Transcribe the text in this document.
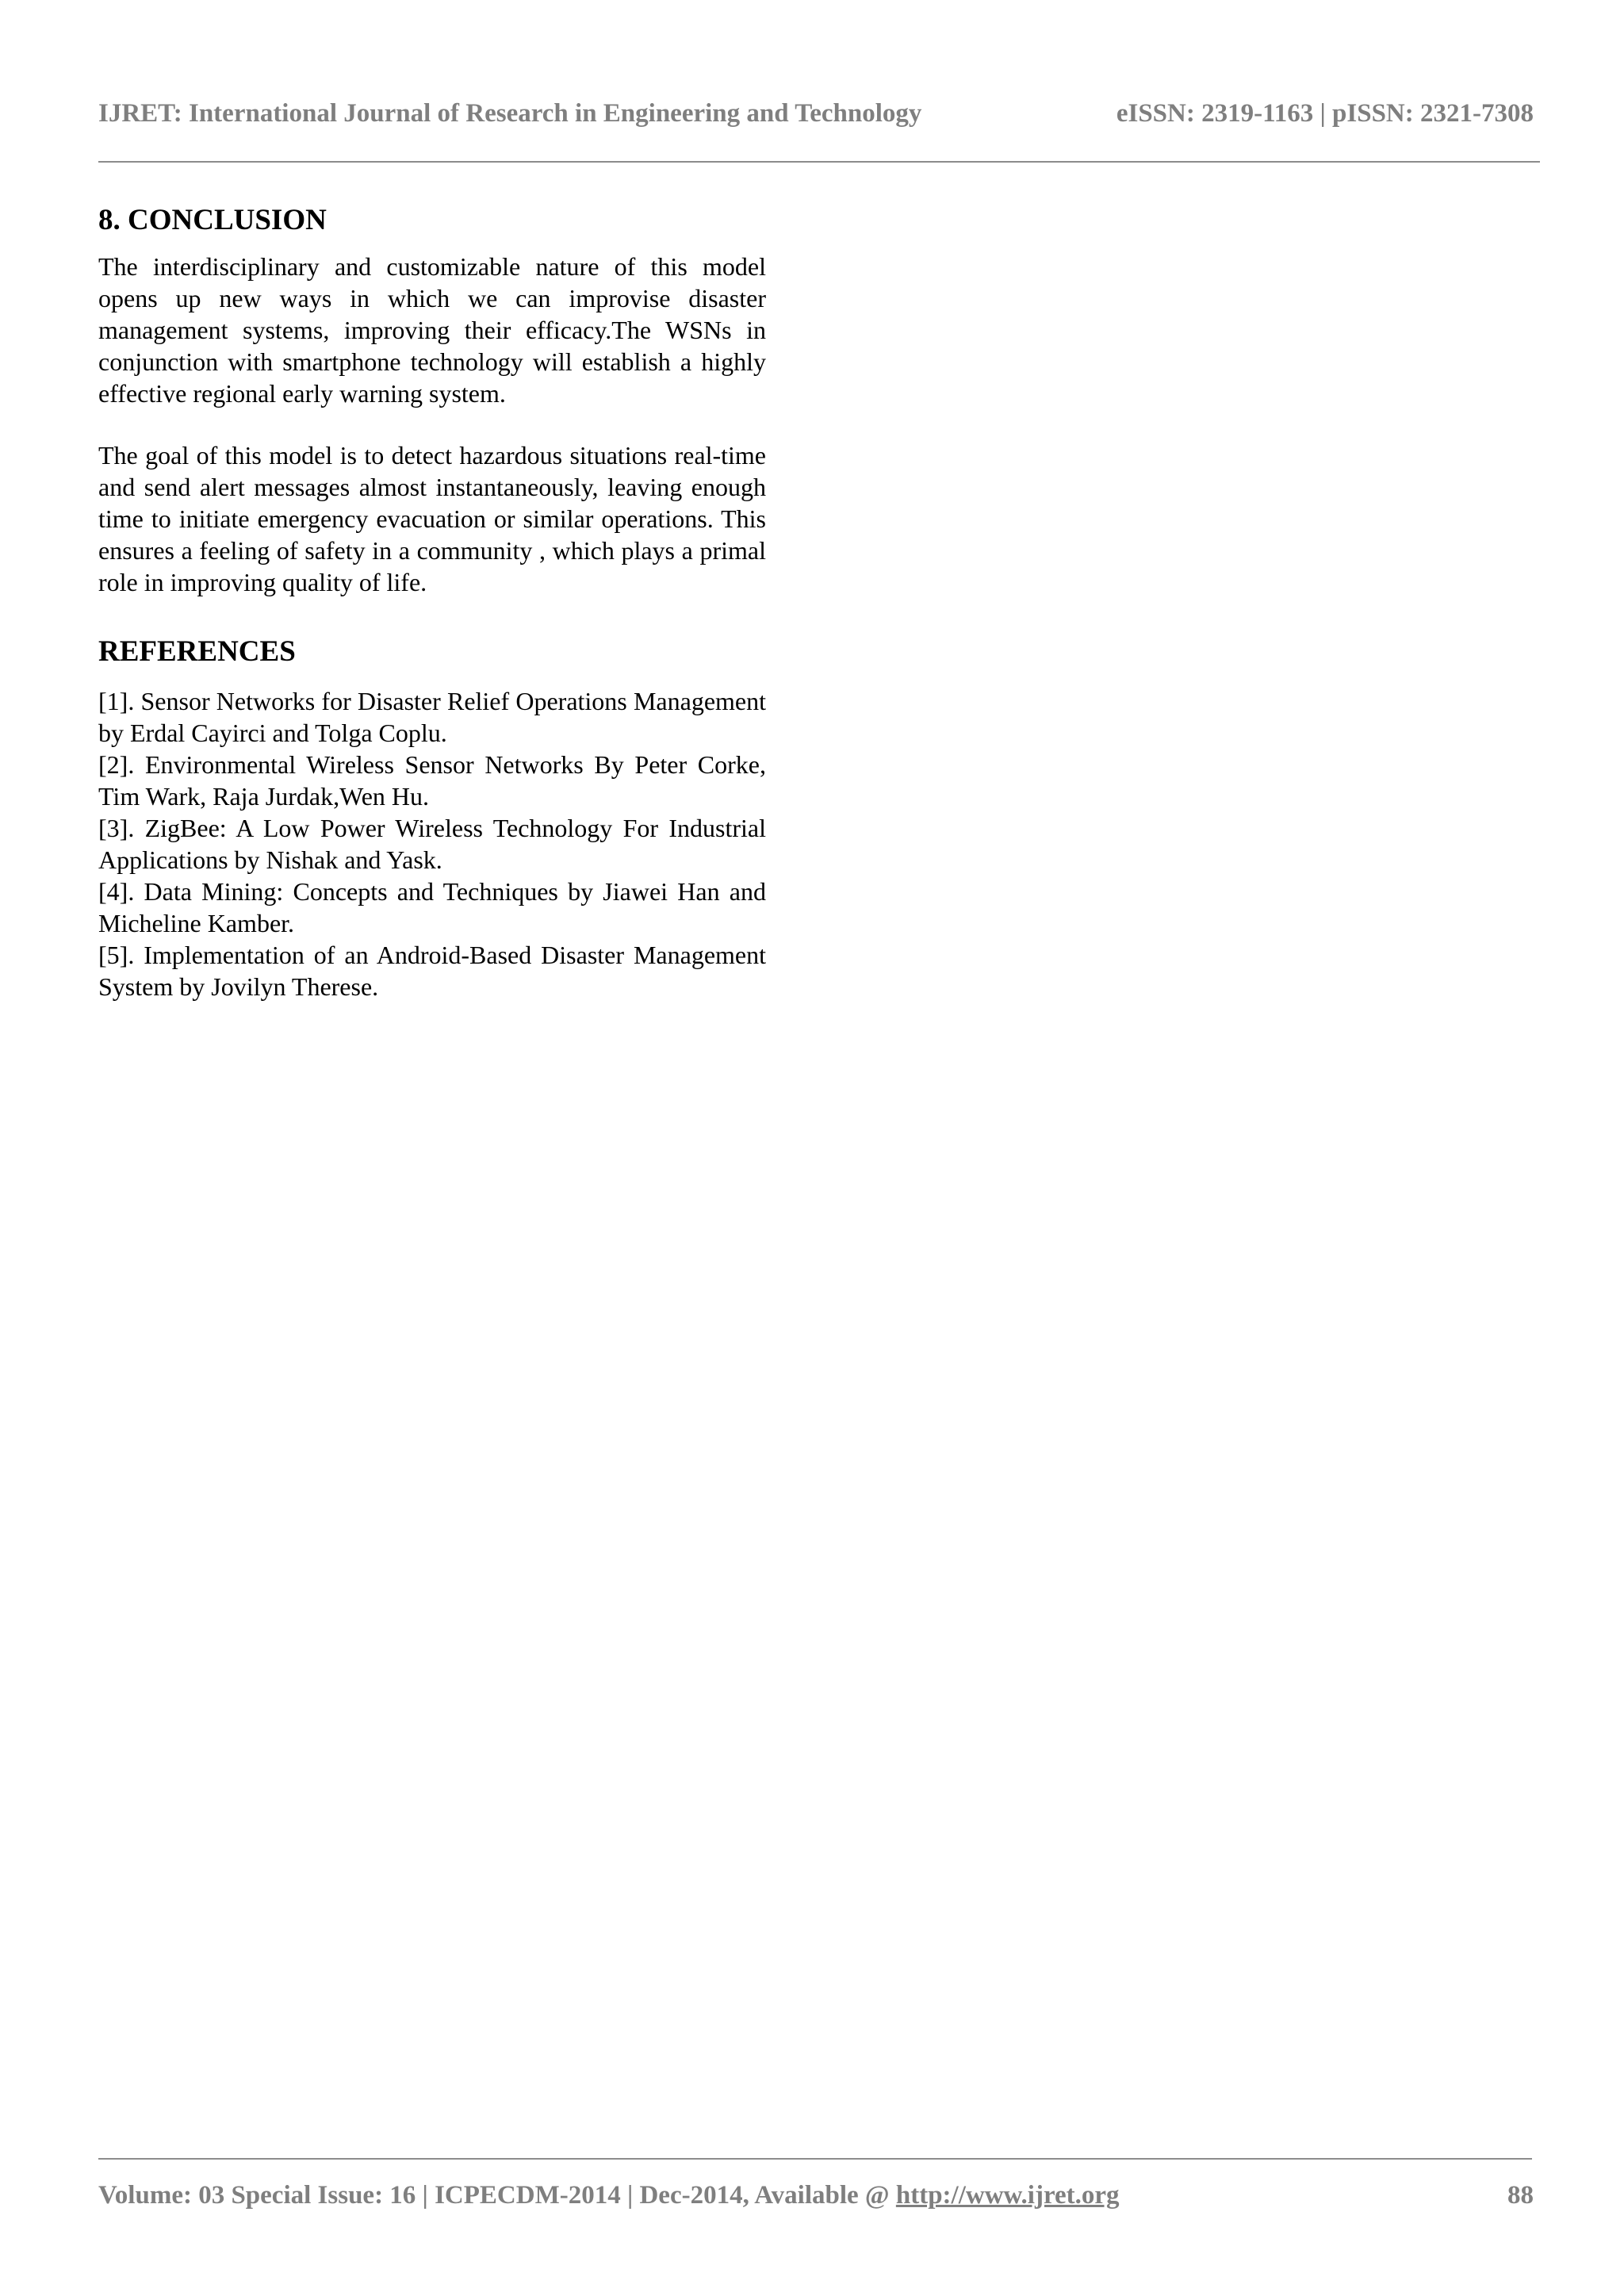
IJRET: International Journal of Research in Engineering and Technology	eISSN: 2319-1163 | pISSN: 2321-7308
8. CONCLUSION

The interdisciplinary and customizable nature of this model opens up new ways in which we can improvise disaster management systems, improving their efficacy.The WSNs in conjunction with smartphone technology will establish a highly effective regional early warning system.

The goal of this model is to detect hazardous situations real-time and send alert messages almost instantaneously, leaving enough time to initiate emergency evacuation or similar operations. This ensures a feeling of safety in a community , which plays a primal role in improving quality of life.

REFERENCES
[1]. Sensor Networks for Disaster Relief Operations Management by Erdal Cayirci and Tolga Coplu.
[2]. Environmental Wireless Sensor Networks By Peter Corke, Tim Wark, Raja Jurdak,Wen Hu.
[3]. ZigBee: A Low Power Wireless Technology For Industrial Applications by Nishak and Yask.
[4]. Data Mining: Concepts and Techniques by Jiawei Han and Micheline Kamber.
[5]. Implementation of an Android-Based Disaster Management System by Jovilyn Therese.
Volume: 03 Special Issue: 16 | ICPECDM-2014 | Dec-2014, Available @ http://www.ijret.org	88
